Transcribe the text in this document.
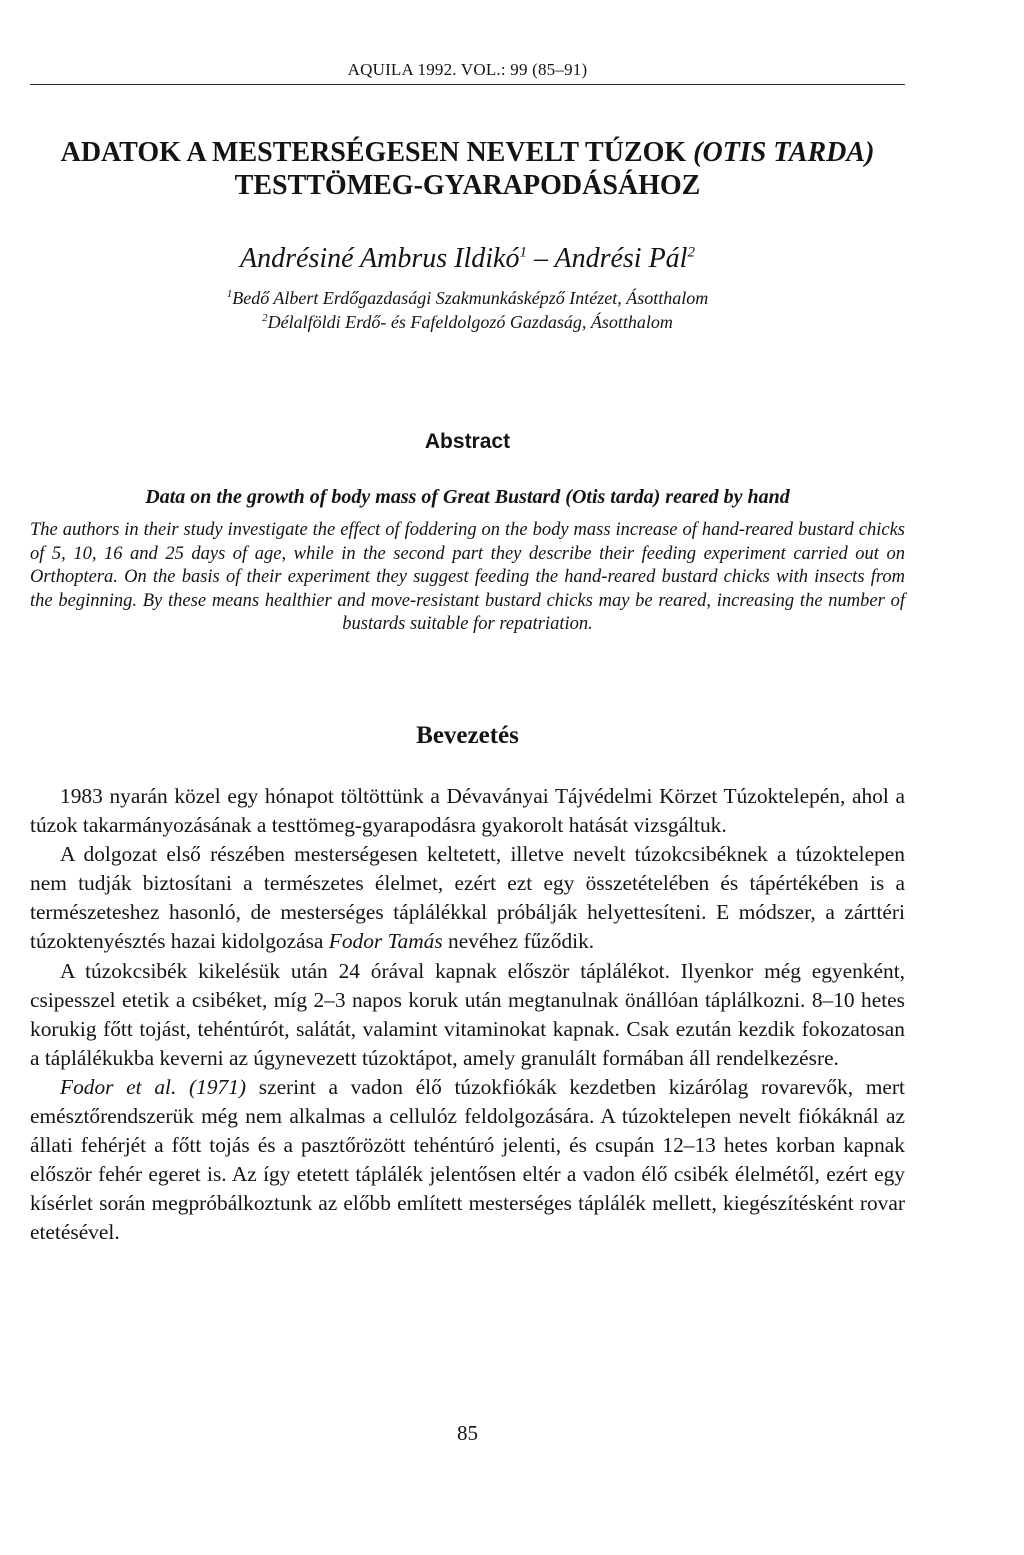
AQUILA 1992. VOL.: 99 (85–91)
ADATOK A MESTERSÉGESEN NEVELT TÚZOK (OTIS TARDA)
TESTTÖMEG-GYARAPODÁSÁHOZ
Andrésiné Ambrus Ildikó$^1$ – Andrési Pál$^2$
$^1$Bedő Albert Erdőgazdasági Szakmunkásképző Intézet, Ásotthalom
$^2$Délalföldi Erdő- és Fafeldolgozó Gazdaság, Ásotthalom
Abstract
Data on the growth of body mass of Great Bustard (Otis tarda) reared by hand

The authors in their study investigate the effect of foddering on the body mass increase of hand-reared bustard chicks of 5, 10, 16 and 25 days of age, while in the second part they describe their feeding experiment carried out on Orthoptera. On the basis of their experiment they suggest feeding the hand-reared bustard chicks with insects from the beginning. By these means healthier and move-resistant bustard chicks may be reared, increasing the number of bustards suitable for repatriation.

Bevezetés

1983 nyarán közel egy hónapot töltöttünk a Dévaványai Tájvédelmi Körzet Túzoktelepén, ahol a túzok takarmányozásának a testtömeg-gyarapodásra gyakorolt hatását vizsgáltuk.

A dolgozat első részében mesterségesen keltetett, illetve nevelt túzokcsibéknek a túzoktelepen nem tudják biztosítani a természetes élelmet, ezért ezt egy összetételében és tápértékében is a természeteshez hasonló, de mesterséges táplálékkal próbálják helyettesíteni. E módszer, a zárttéri túzoktenyésztés hazai kidolgozása Fodor Tamás nevéhez fűződik.

A túzokcsibék kikelésük után 24 órával kapnak először táplálékot. Ilyenkor még egyenként, csipesszel etetik a csibéket, míg 2–3 napos koruk után megtanulnak önállóan táplálkozni. 8–10 hetes korukig főtt tojást, tehéntúrót, salátát, valamint vitaminokat kapnak. Csak ezután kezdik fokozatosan a táplálékukba keverni az úgynevezett túzoktápot, amely granulált formában áll rendelkezésre.

Fodor et al. (1971) szerint a vadon élő túzokfiókák kezdetben kizárólag rovarevők, mert emésztőrendszerük még nem alkalmas a cellulóz feldolgozására. A túzoktelepen nevelt fiókáknál az állati fehérjét a főtt tojás és a pasztőrözött tehéntúró jelenti, és csupán 12–13 hetes korban kapnak először fehér egeret is. Az így etetett táplálék jelentősen eltér a vadon élő csibék élelmétől, ezért egy kísérlet során megpróbálkoztunk az előbb említett mesterséges táplálék mellett, kiegészítésként rovar etetésével.

85
